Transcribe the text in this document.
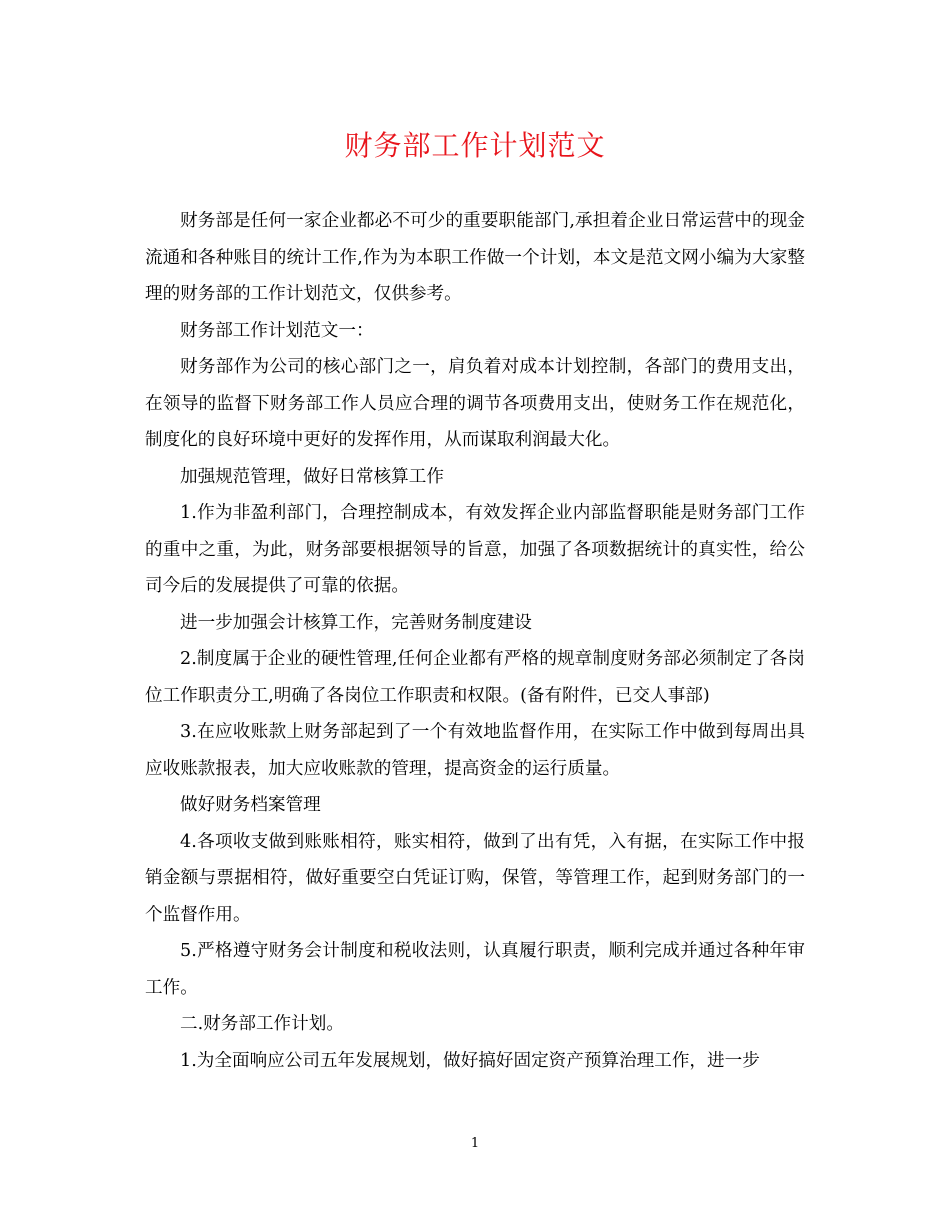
财务部工作计划范文

财务部是任何一家企业都必不可少的重要职能部门,承担着企业日常运营中的现金流通和各种账目的统计工作,作为为本职工作做一个计划，本文是范文网小编为大家整理的财务部的工作计划范文，仅供参考。

财务部工作计划范文一：

财务部作为公司的核心部门之一，肩负着对成本计划控制，各部门的费用支出，在领导的监督下财务部工作人员应合理的调节各项费用支出，使财务工作在规范化，制度化的良好环境中更好的发挥作用，从而谋取利润最大化。

加强规范管理，做好日常核算工作

1.作为非盈利部门，合理控制成本，有效发挥企业内部监督职能是财务部门工作的重中之重，为此，财务部要根据领导的旨意，加强了各项数据统计的真实性，给公司今后的发展提供了可靠的依据。

进一步加强会计核算工作，完善财务制度建设

2.制度属于企业的硬性管理,任何企业都有严格的规章制度财务部必须制定了各岗位工作职责分工,明确了各岗位工作职责和权限。(备有附件，已交人事部)

3.在应收账款上财务部起到了一个有效地监督作用，在实际工作中做到每周出具应收账款报表，加大应收账款的管理，提高资金的运行质量。

做好财务档案管理

4.各项收支做到账账相符，账实相符，做到了出有凭，入有据，在实际工作中报销金额与票据相符，做好重要空白凭证订购，保管，等管理工作，起到财务部门的一个监督作用。

5.严格遵守财务会计制度和税收法则，认真履行职责，顺利完成并通过各种年审工作。

二.财务部工作计划。

1.为全面响应公司五年发展规划，做好搞好固定资产预算治理工作，进一步

1
